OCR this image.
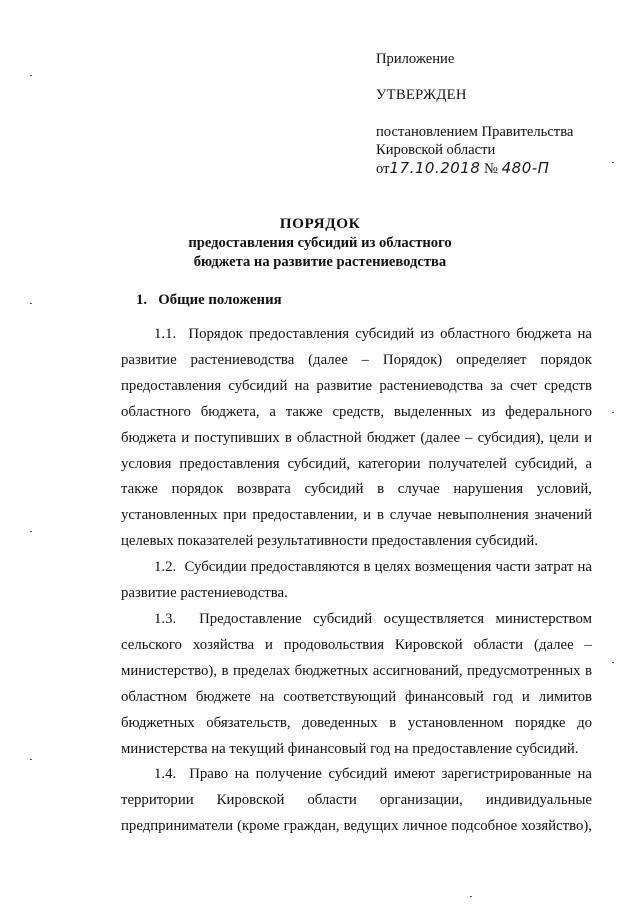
Приложение
УТВЕРЖДЕН
постановлением Правительства
Кировской области
от17.10.2018 № 480-П
ПОРЯДОК
предоставления субсидий из областного
бюджета на развитие растениеводства
1.   Общие положения

1.1.  Порядок предоставления субсидий из областного бюджета на развитие растениеводства (далее – Порядок) определяет порядок предоставления субсидий на развитие растениеводства за счет средств областного бюджета, а также средств, выделенных из федерального бюджета и поступивших в областной бюджет (далее – субсидия), цели и условия предоставления субсидий, категории получателей субсидий, а также порядок возврата субсидий в случае нарушения условий, установленных при предоставлении, и в случае невыполнения значений целевых показателей результативности предоставления субсидий.

1.2.  Субсидии предоставляются в целях возмещения части затрат на развитие растениеводства.

1.3.  Предоставление субсидий осуществляется министерством сельского хозяйства и продовольствия Кировской области (далее – министерство), в пределах бюджетных ассигнований, предусмотренных в областном бюджете на соответствующий финансовый год и лимитов бюджетных обязательств, доведенных в установленном порядке до министерства на текущий финансовый год на предоставление субсидий.

1.4.  Право на получение субсидий имеют зарегистрированные на территории Кировской области организации, индивидуальные предприниматели (кроме граждан, ведущих личное подсобное хозяйство),
